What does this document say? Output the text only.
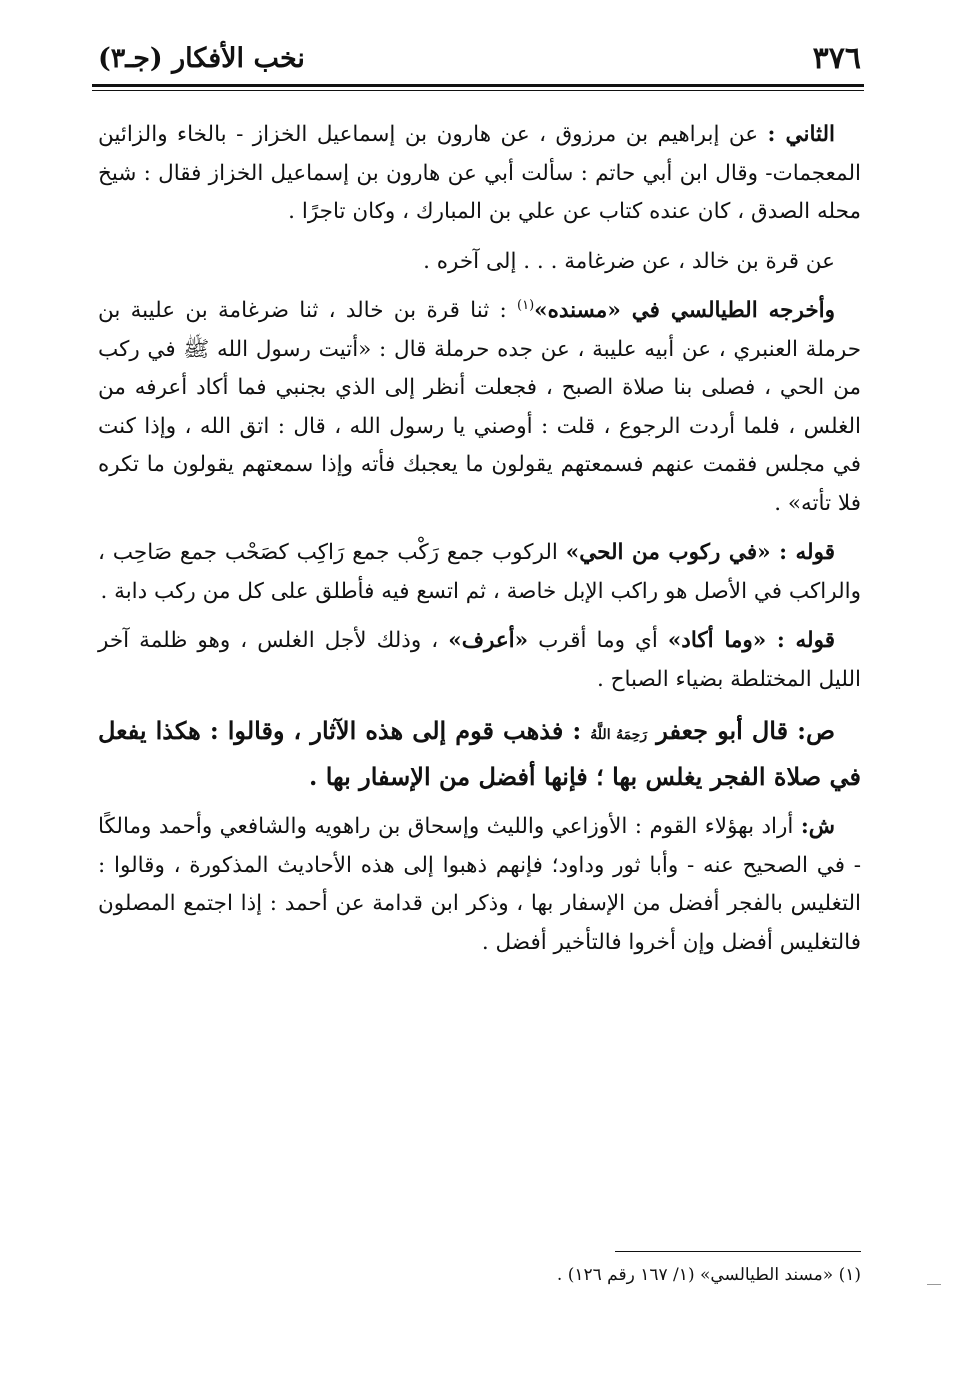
٣٧٦
نخب الأفكار (جـ٣)

الثاني : عن إبراهيم بن مرزوق ، عن هارون بن إسماعيل الخزاز - بالخاء والزائين المعجمات- وقال ابن أبي حاتم : سألت أبي عن هارون بن إسماعيل الخزاز فقال : شيخ محله الصدق ، كان عنده كتاب عن علي بن المبارك ، وكان تاجرًا .

عن قرة بن خالد ، عن ضرغامة . . . إلى آخره .

وأخرجه الطيالسي في «مسنده»$^{(١)}$ : ثنا قرة بن خالد ، ثنا ضرغامة بن علیبة بن حرملة العنبري ، عن أبيه علیبة ، عن جده حرملة قال : «أتيت رسول الله ﷺ في ركب من الحي ، فصلى بنا صلاة الصبح ، فجعلت أنظر إلى الذي بجنبي فما أكاد أعرفه من الغلس ، فلما أردت الرجوع ، قلت : أوصني يا رسول الله ، قال : اتق الله ، وإذا كنت في مجلس فقمت عنهم فسمعتهم يقولون ما يعجبك فأته وإذا سمعتهم يقولون ما تكره فلا تأته» .

قوله : «في ركوب من الحي» الركوب جمع رَكْب جمع رَاكِب كصَحْب جمع صَاحِب ، والراكب في الأصل هو راكب الإبل خاصة ، ثم اتسع فيه فأطلق على كل من ركب دابة .

قوله : «وما أكاد» أي وما أقرب «أعرف» ، وذلك لأجل الغلس ، وهو ظلمة آخر الليل المختلطة بضياء الصباح .

ص: قال أبو جعفر رَحِمَهُ اللَّهُ : فذهب قوم إلى هذه الآثار ، وقالوا : هكذا يفعل في صلاة الفجر يغلس بها ؛ فإنها أفضل من الإسفار بها .

ش: أراد بهؤلاء القوم : الأوزاعي والليث وإسحاق بن راهويه والشافعي وأحمد ومالكًا - في الصحيح عنه - وأبا ثور وداود؛ فإنهم ذهبوا إلى هذه الأحاديث المذكورة ، وقالوا : التغليس بالفجر أفضل من الإسفار بها ، وذكر ابن قدامة عن أحمد : إذا اجتمع المصلون فالتغليس أفضل وإن أخروا فالتأخير أفضل .

(١) «مسند الطيالسي» (١/ ١٦٧ رقم ١٢٦) .
